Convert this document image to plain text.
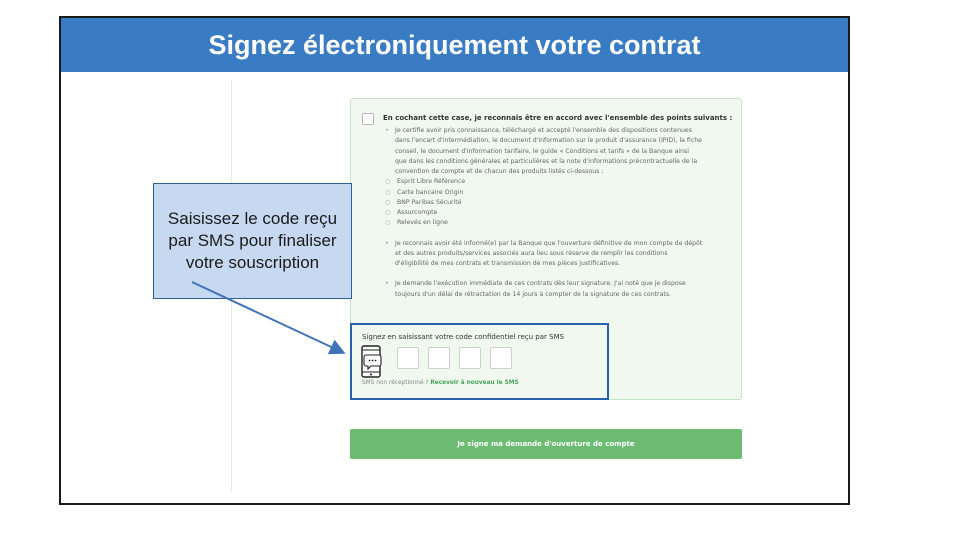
Signez électroniquement votre contrat
En cochant cette case, je reconnais être en accord avec l'ensemble des points suivants :
• Je certifie avoir pris connaissance, téléchargé et accepté l'ensemble des dispositions contenues
dans l'encart d'intermédiation, le document d'information sur le produit d'assurance (IPID), la fiche
conseil, le document d'information tarifaire, le guide « Conditions et tarifs » de la Banque ainsi
que dans les conditions générales et particulières et la note d'informations précontractuelle de la
convention de compte et de chacun des produits listés ci-dessous :
○ Esprit Libre Référence
○ Carte bancaire Origin
○ BNP Paribas Sécurité
○ Assurcompte
○ Relevés en ligne
• Je reconnais avoir été informé(e) par la Banque que l'ouverture définitive de mon compte de dépôt
et des autres produits/services associés aura lieu sous réserve de remplir les conditions
d'éligibilité de mes contrats et transmission de mes pièces justificatives.
• Je demande l'exécution immédiate de ces contrats dès leur signature. J'ai noté que je dispose
toujours d'un délai de rétractation de 14 jours à compter de la signature de ces contrats.
Signez en saisissant votre code confidentiel reçu par SMS
SMS non réceptionné ? Recevoir à nouveau le SMS
Je signe ma demande d'ouverture de compte
Saisissez le code reçu par SMS pour finaliser votre souscription
